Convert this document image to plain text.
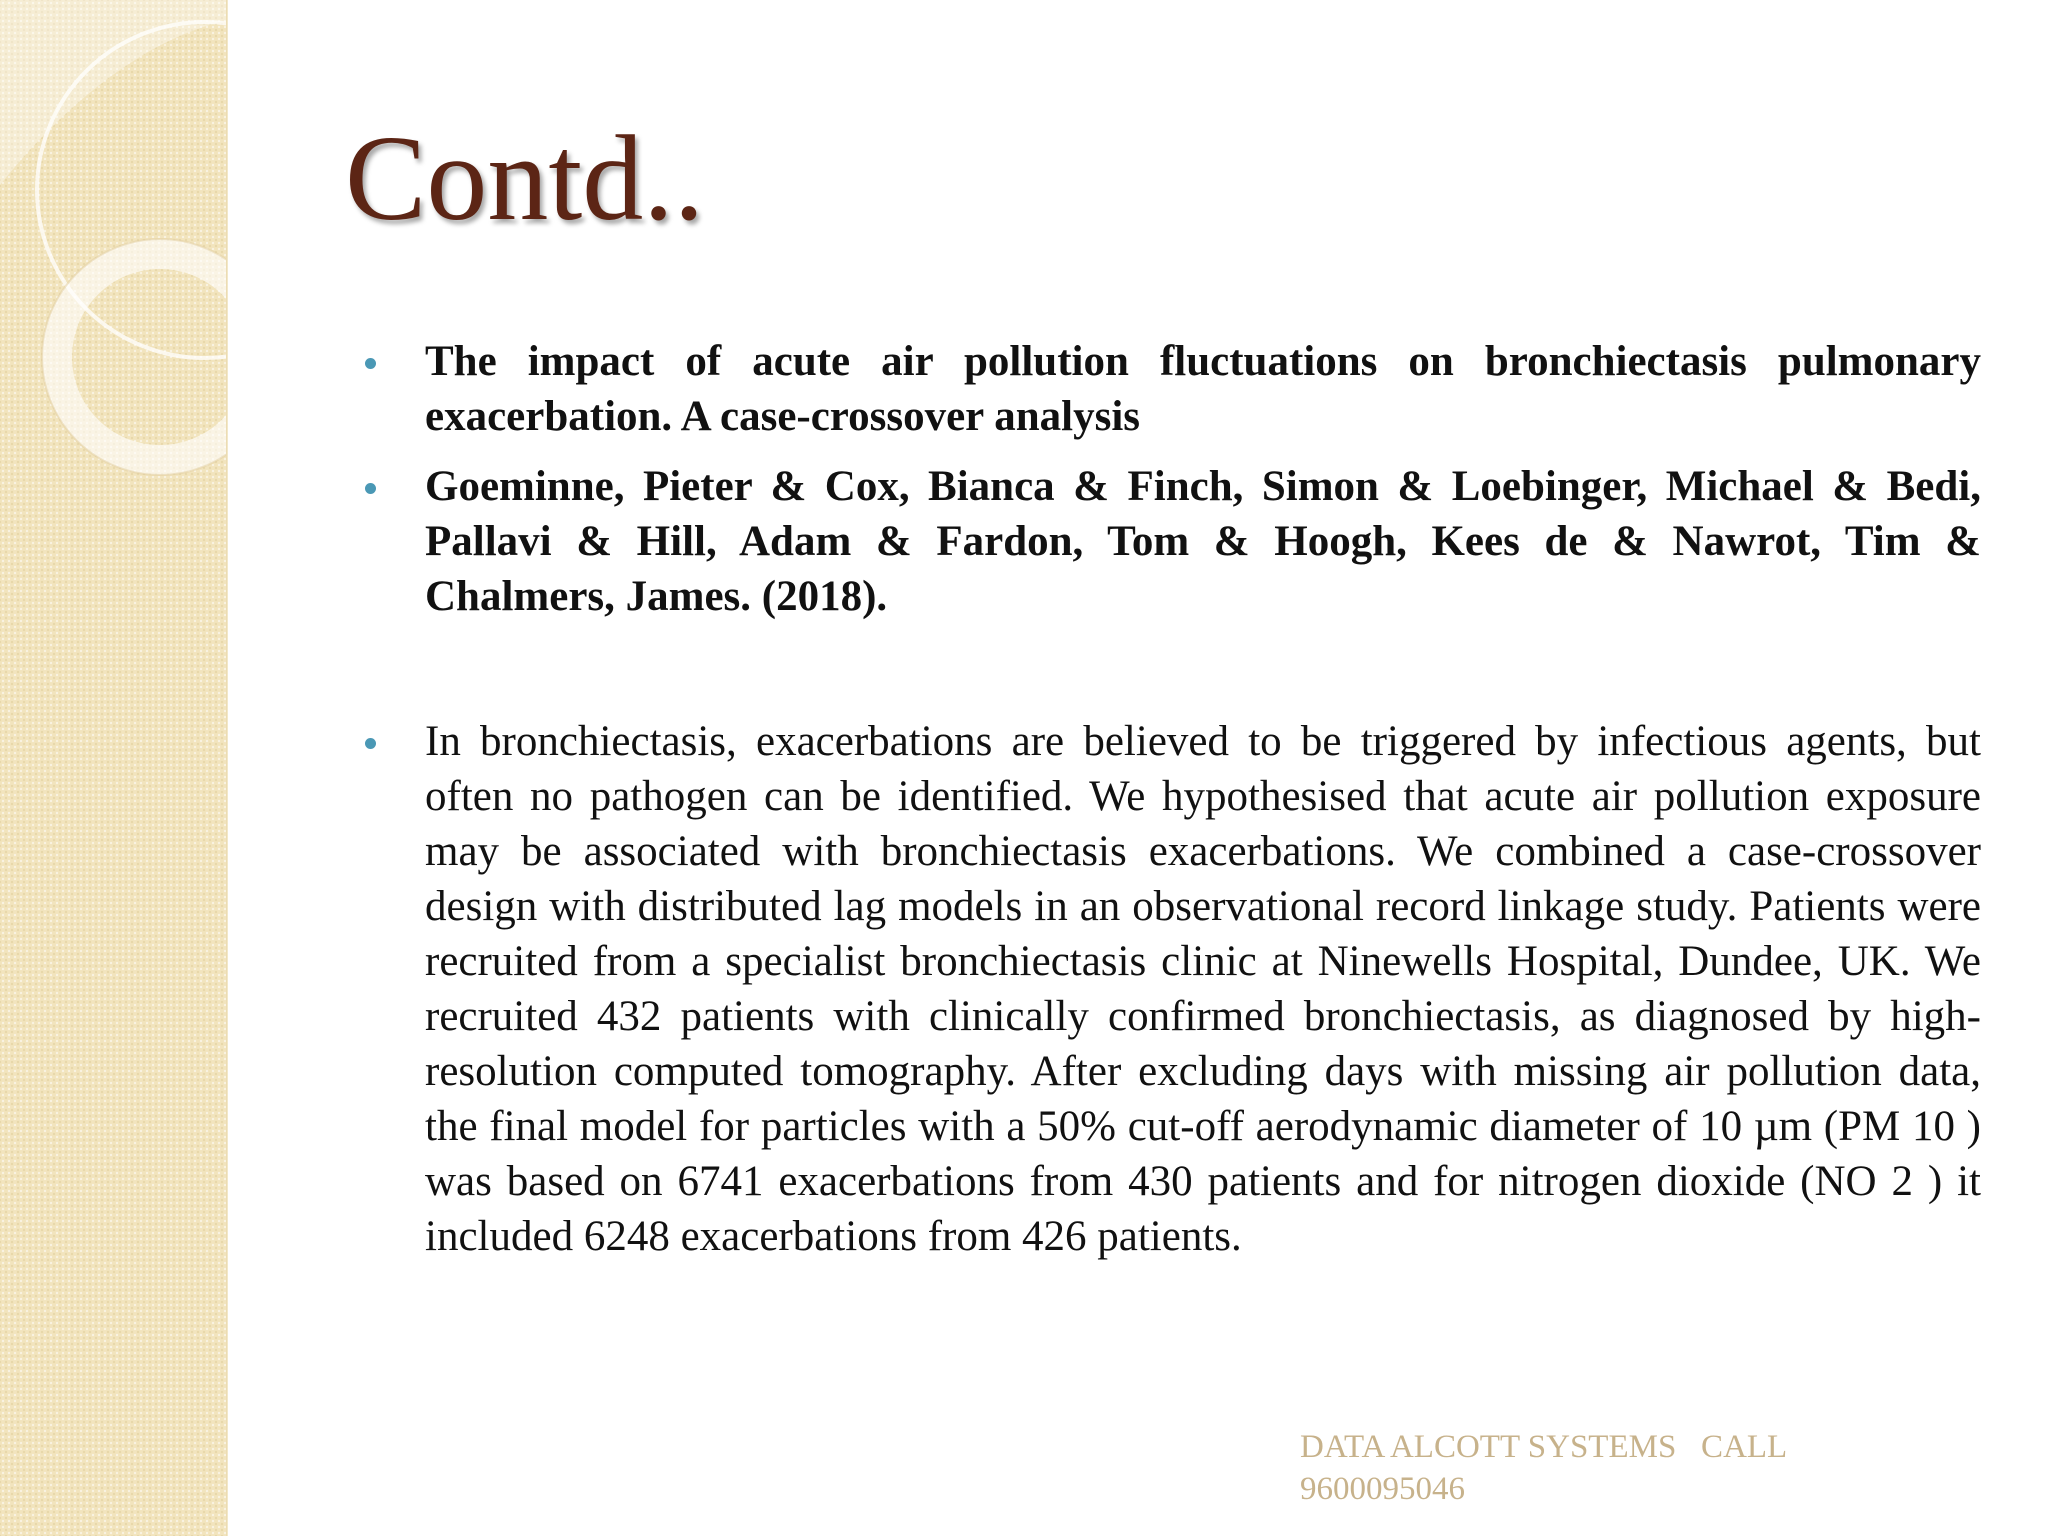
Contd..
The impact of acute air pollution fluctuations on bronchiectasis pulmonary exacerbation. A case-crossover analysis
Goeminne, Pieter & Cox, Bianca & Finch, Simon & Loebinger, Michael & Bedi, Pallavi & Hill, Adam & Fardon, Tom & Hoogh, Kees de & Nawrot, Tim & Chalmers, James. (2018).
In bronchiectasis, exacerbations are believed to be triggered by infectious agents, but often no pathogen can be identified. We hypothesised that acute air pollution exposure may be associated with bronchiectasis exacerbations. We combined a case-crossover design with distributed lag models in an observational record linkage study. Patients were recruited from a specialist bronchiectasis clinic at Ninewells Hospital, Dundee, UK. We recruited 432 patients with clinically confirmed bronchiectasis, as diagnosed by high-resolution computed tomography. After excluding days with missing air pollution data, the final model for particles with a 50% cut-off aerodynamic diameter of 10 µm (PM 10 ) was based on 6741 exacerbations from 430 patients and for nitrogen dioxide (NO 2 ) it included 6248 exacerbations from 426 patients.
DATA ALCOTT SYSTEMS   CALL
9600095046
